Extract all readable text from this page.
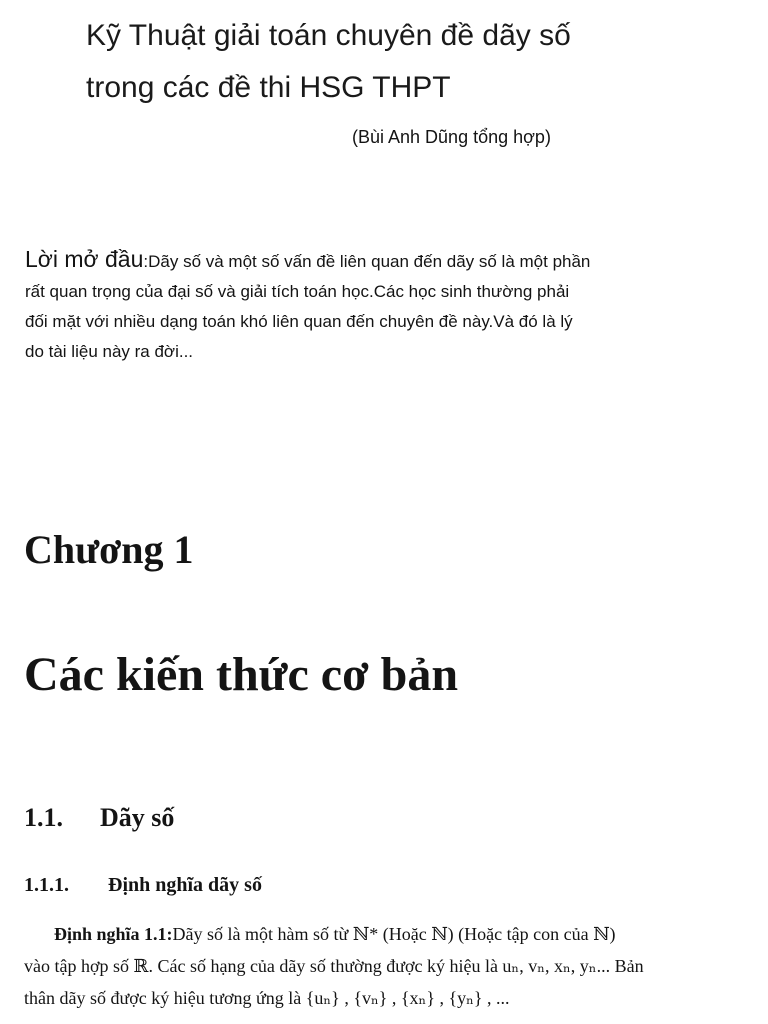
Kỹ Thuật giải toán chuyên đề dãy số
trong các đề thi HSG THPT
(Bùi Anh Dũng tổng hợp)
Lời mở đầu:Dãy số và một số vấn đề liên quan đến dãy số là một phần
rất quan trọng của đại số và giải tích toán học.Các học sinh thường phải
đối mặt với nhiều dạng toán khó liên quan đến chuyên đề này.Và đó là lý
do tài liệu này ra đời...
Chương 1
Các kiến thức cơ bản
1.1. Dãy số
1.1.1. Định nghĩa dãy số
Định nghĩa 1.1:Dãy số là một hàm số từ ℕ* (Hoặc ℕ) (Hoặc tập con của ℕ)
vào tập hợp số ℝ. Các số hạng của dãy số thường được ký hiệu là uₙ, vₙ, xₙ, yₙ... Bản
thân dãy số được ký hiệu tương ứng là {uₙ} , {vₙ} , {xₙ} , {yₙ} , ...
